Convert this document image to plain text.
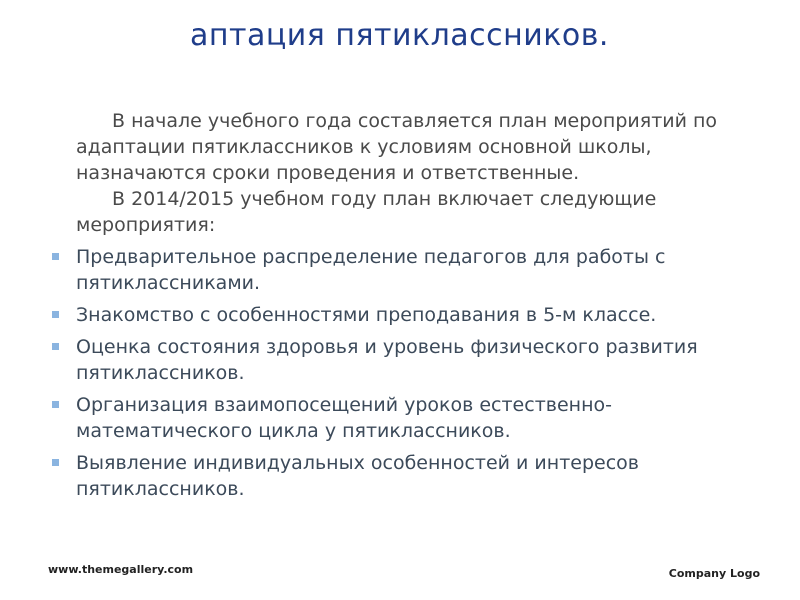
аптация пятиклассников.

В начале учебного года составляется план мероприятий по адаптации пятиклассников к условиям основной школы, назначаются сроки проведения и ответственные.

В 2014/2015 учебном году план включает следующие мероприятия:

Предварительное распределение педагогов для работы с пятиклассниками.
Знакомство с особенностями преподавания в 5-м классе.
Оценка состояния здоровья и уровень физического развития пятиклассников.
Организация взаимопосещений уроков естественно-математического цикла у пятиклассников.
Выявление индивидуальных особенностей и интересов пятиклассников.
www.themegallery.com	Company Logo
